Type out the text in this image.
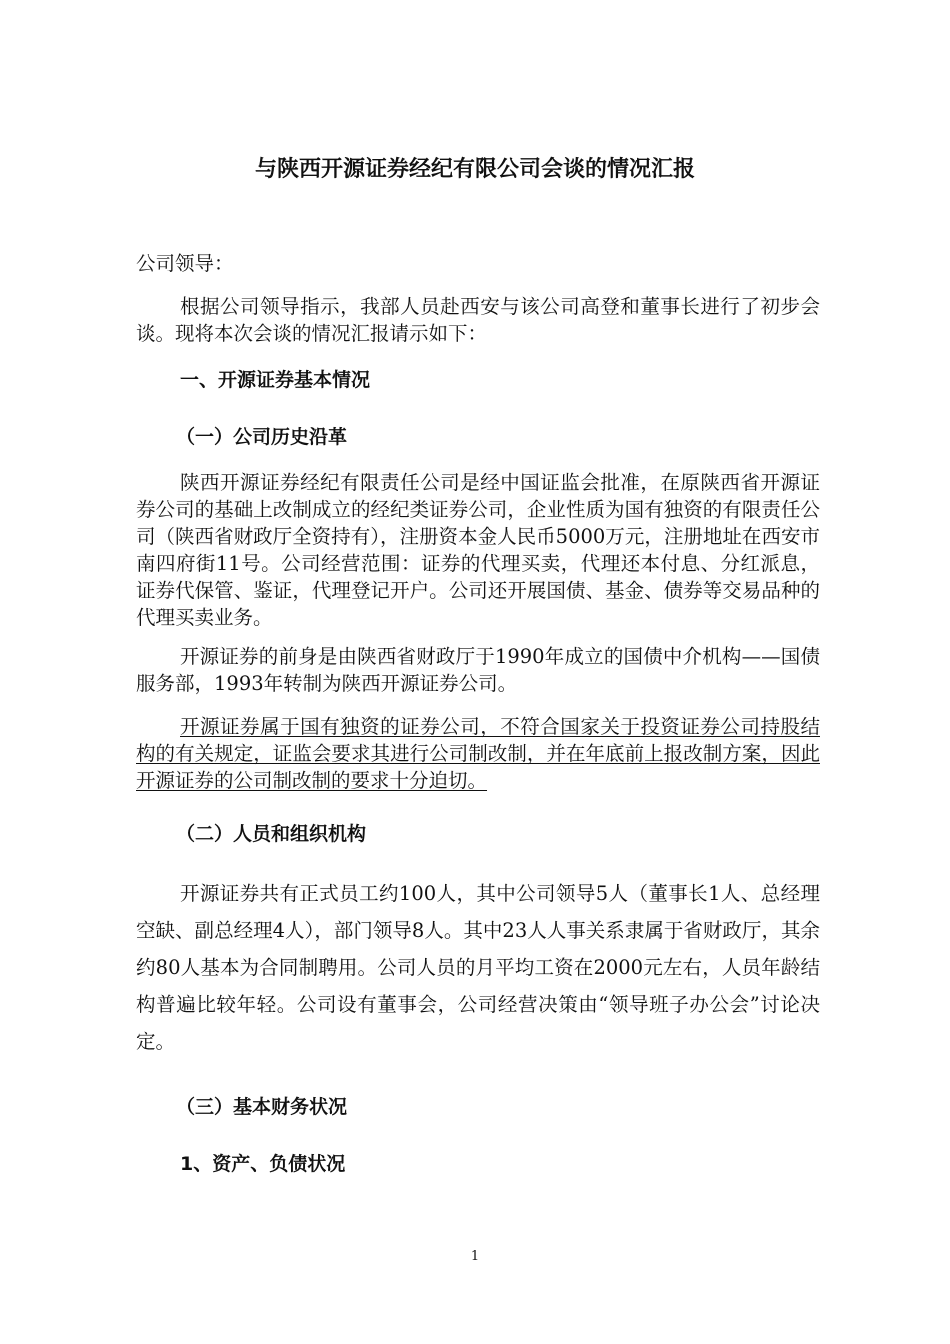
与陕西开源证券经纪有限公司会谈的情况汇报
公司领导：
根据公司领导指示，我部人员赴西安与该公司高登和董事长进行了初步会谈。现将本次会谈的情况汇报请示如下：
一、开源证券基本情况
（一）公司历史沿革
陕西开源证券经纪有限责任公司是经中国证监会批准，在原陕西省开源证券公司的基础上改制成立的经纪类证券公司，企业性质为国有独资的有限责任公司（陕西省财政厅全资持有），注册资本金人民币5000万元，注册地址在西安市南四府街11号。公司经营范围：证券的代理买卖，代理还本付息、分红派息，证券代保管、鉴证，代理登记开户。公司还开展国债、基金、债券等交易品种的代理买卖业务。
开源证券的前身是由陕西省财政厅于1990年成立的国债中介机构——国债服务部，1993年转制为陕西开源证券公司。
开源证券属于国有独资的证券公司，不符合国家关于投资证券公司持股结构的有关规定，证监会要求其进行公司制改制，并在年底前上报改制方案，因此开源证券的公司制改制的要求十分迫切。
（二）人员和组织机构
开源证券共有正式员工约100人，其中公司领导5人（董事长1人、总经理空缺、副总经理4人），部门领导8人。其中23人人事关系隶属于省财政厅，其余约80人基本为合同制聘用。公司人员的月平均工资在2000元左右，人员年龄结构普遍比较年轻。公司设有董事会，公司经营决策由“领导班子办公会”讨论决定。
（三）基本财务状况
1、资产、负债状况
1
